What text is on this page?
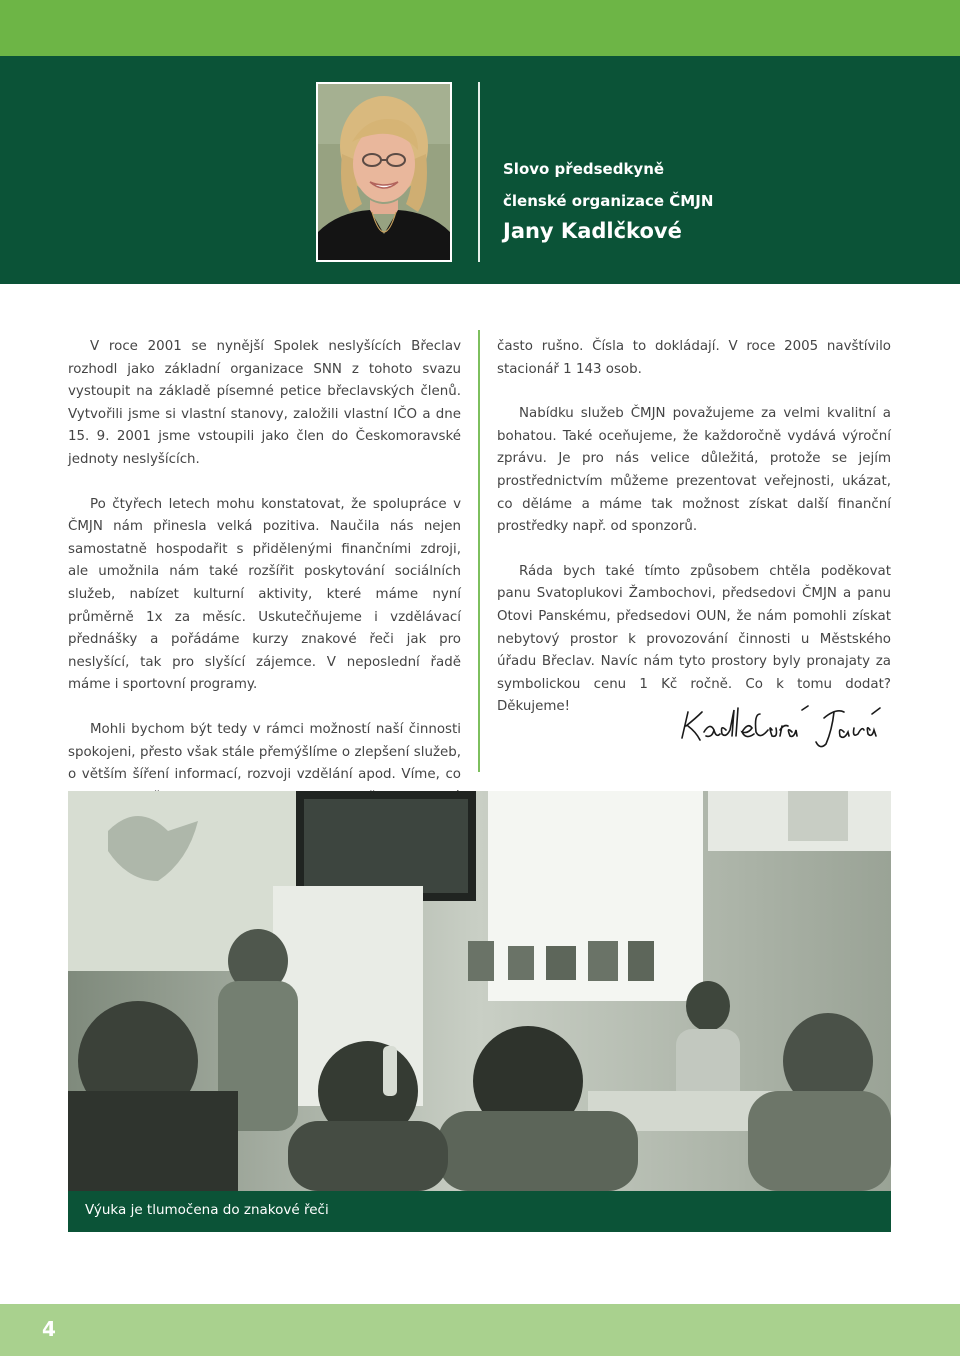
Slovo předsedkyně
členské organizace ČMJN
Jany Kadlčkové

V roce 2001 se nynější Spolek neslyšících Břeclav rozhodl jako základní organizace SNN z tohoto svazu vystoupit na základě písemné petice břeclavských členů. Vytvořili jsme si vlastní stanovy, založili vlastní IČO a dne 15. 9. 2001 jsme vstoupili jako člen do Českomoravské jednoty neslyšících.

Po čtyřech letech mohu konstatovat, že spolupráce v ČMJN nám přinesla velká pozitiva. Naučila nás nejen samostatně hospodařit s přidělenými finančními zdroji, ale umožnila nám také rozšířit poskytování sociálních služeb, nabízet kulturní aktivity, které máme nyní průměrně 1x za měsíc. Uskutečňujeme i vzdělávací přednášky a pořádáme kurzy znakové řeči jak pro neslyšící, tak pro slyšící zájemce. V neposlední řadě máme i sportovní programy.

Mohli bychom být tedy v rámci možností naší činnosti spokojeni, přesto však stále přemýšlíme o zlepšení služeb, o větším šíření informací, rozvoji vzdělání apod. Víme, co

často rušno. Čísla to dokládají. V roce 2005 navštívilo stacionář 1 143 osob.

Nabídku služeb ČMJN považujeme za velmi kvalitní a bohatou. Také oceňujeme, že každoročně vydává výroční zprávu. Je pro nás velice důležitá, protože se jejím prostřednictvím můžeme prezentovat veřejnosti, ukázat, co děláme a máme tak možnost získat další finanční prostředky např. od sponzorů.

Ráda bych také tímto způsobem chtěla poděkovat panu Svatoplukovi Žambochovi, předsedovi ČMJN a panu Otovi Panskému, předsedovi OUN, že nám pomohli získat nebytový prostor k provozování činnosti u Městského úřadu Břeclav. Navíc nám tyto prostory byly pronajaty za symbolickou cenu 1 Kč ročně. Co k tomu dodat? Děkujeme!

Výuka je tlumočena do znakové řeči
4
